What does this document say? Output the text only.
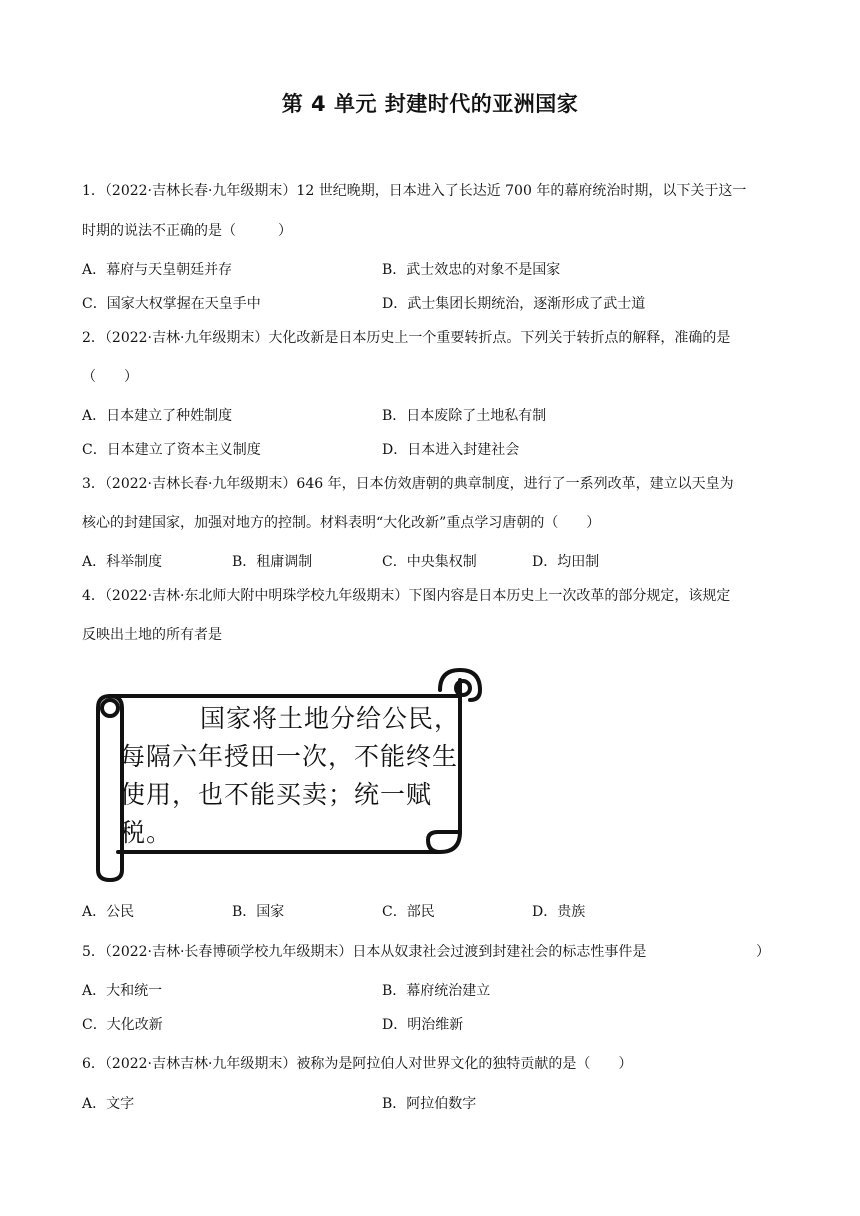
第 4 单元 封建时代的亚洲国家
1．（2022·吉林长春·九年级期末）12 世纪晚期，日本进入了长达近 700 年的幕府统治时期，以下关于这一
时期的说法不正确的是（　　　）
A．幕府与天皇朝廷并存	B．武士效忠的对象不是国家
C．国家大权掌握在天皇手中	D．武士集团长期统治，逐渐形成了武士道
2．（2022·吉林·九年级期末）大化改新是日本历史上一个重要转折点。下列关于转折点的解释，准确的是
（　　）
A．日本建立了种姓制度	B．日本废除了土地私有制
C．日本建立了资本主义制度	D．日本进入封建社会
3．（2022·吉林长春·九年级期末）646 年，日本仿效唐朝的典章制度，进行了一系列改革，建立以天皇为
核心的封建国家，加强对地方的控制。材料表明“大化改新”重点学习唐朝的（　　）
A．科举制度	B．租庸调制	C．中央集权制	D．均田制
4．（2022·吉林·东北师大附中明珠学校九年级期末）下图内容是日本历史上一次改革的部分规定，该规定
反映出土地的所有者是
国家将土地分给公民，每隔六年授田一次，不能终生使用，也不能买卖；统一赋税。
A．公民	B．国家	C．部民	D．贵族
5．（2022·吉林·长春博硕学校九年级期末）日本从奴隶社会过渡到封建社会的标志性事件是	）
A．大和统一	B．幕府统治建立
C．大化改新	D．明治维新
6．（2022·吉林吉林·九年级期末）被称为是阿拉伯人对世界文化的独特贡献的是（　　）
A．文字	B．阿拉伯数字
